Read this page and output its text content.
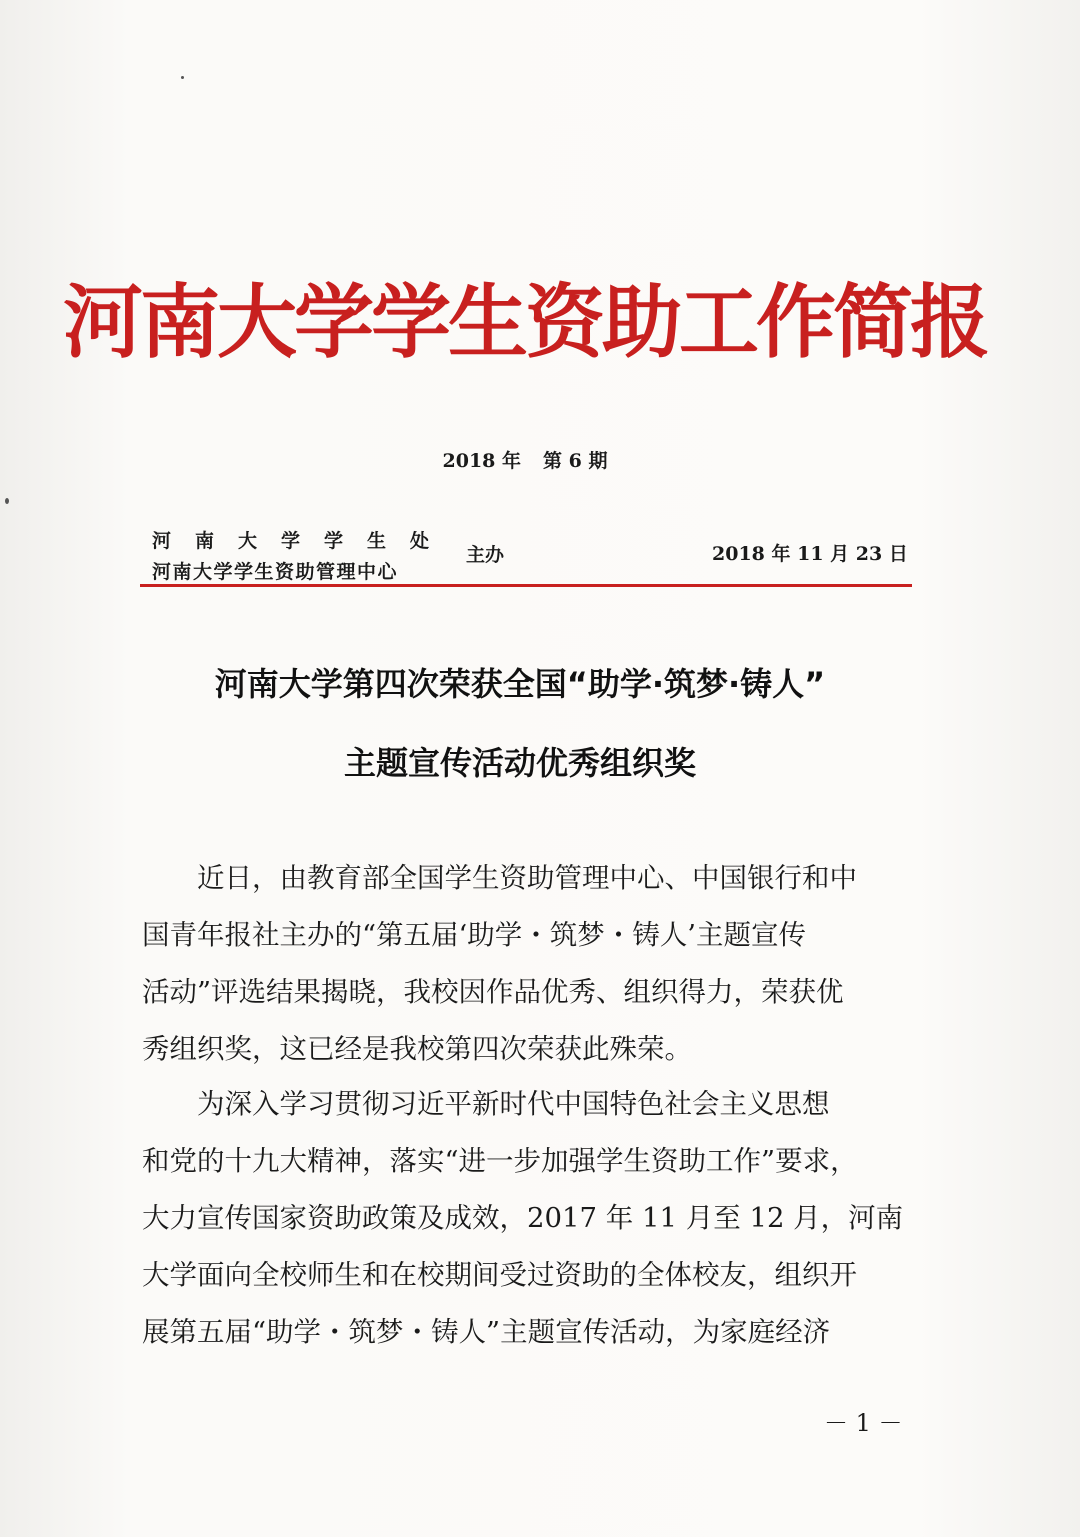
河南大学学生资助工作简报
2018 年 第 6 期
河南大学学生处
河南大学学生资助管理中心
主办	2018 年 11 月 23 日
河南大学第四次荣获全国“助学·筑梦·铸人”
主题宣传活动优秀组织奖
　　近日，由教育部全国学生资助管理中心、中国银行和中
国青年报社主办的“第五届‘助学・筑梦・铸人’主题宣传
活动”评选结果揭晓，我校因作品优秀、组织得力，荣获优
秀组织奖，这已经是我校第四次荣获此殊荣。
　　为深入学习贯彻习近平新时代中国特色社会主义思想
和党的十九大精神，落实“进一步加强学生资助工作”要求，
大力宣传国家资助政策及成效，2017 年 11 月至 12 月，河南
大学面向全校师生和在校期间受过资助的全体校友，组织开
展第五届“助学・筑梦・铸人”主题宣传活动，为家庭经济
－ 1 －
